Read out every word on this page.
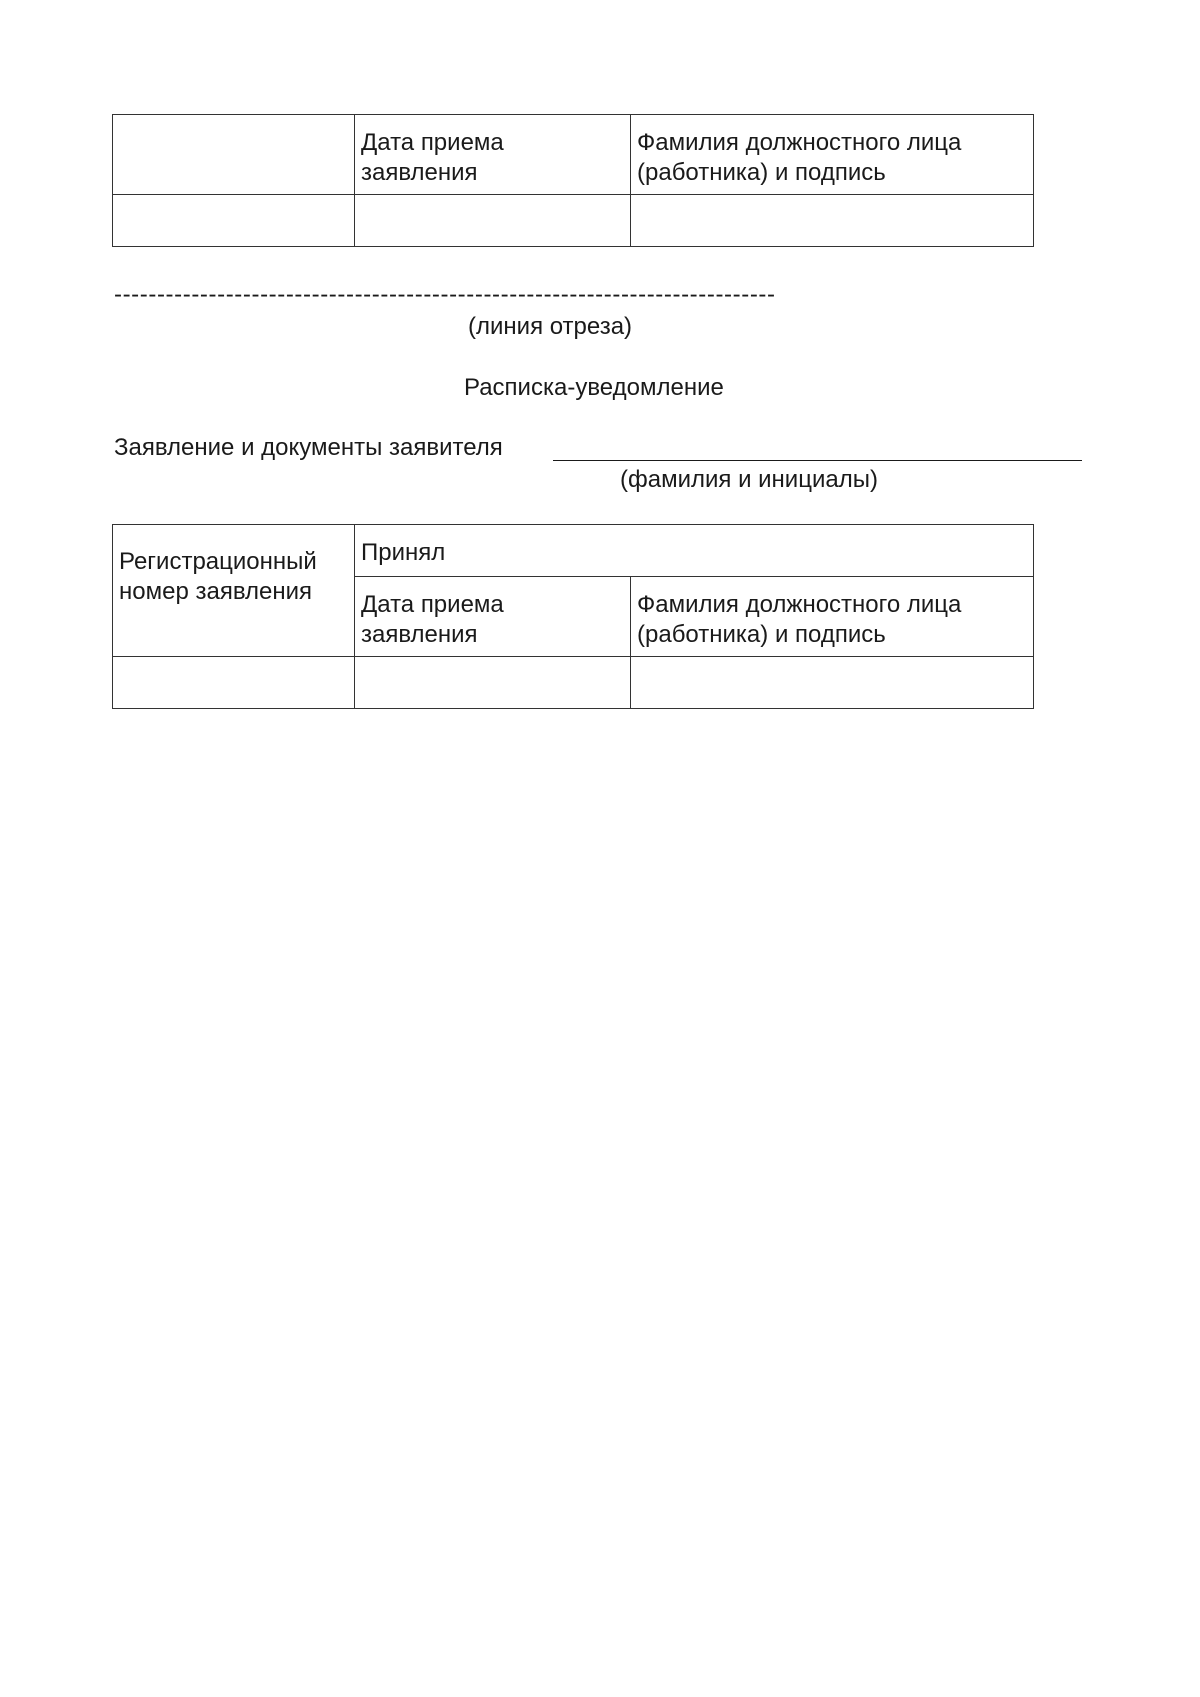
	Дата приема заявления	Фамилия должностного лица (работника) и подпись

-----------------------------------------------------------------------------
(линия отреза)
Расписка-уведомление
Заявление и документы заявителя
(фамилия и инициалы)
Регистрационный номер заявления	Принял	
	Дата приема заявления	Фамилия должностного лица (работника) и подпись
